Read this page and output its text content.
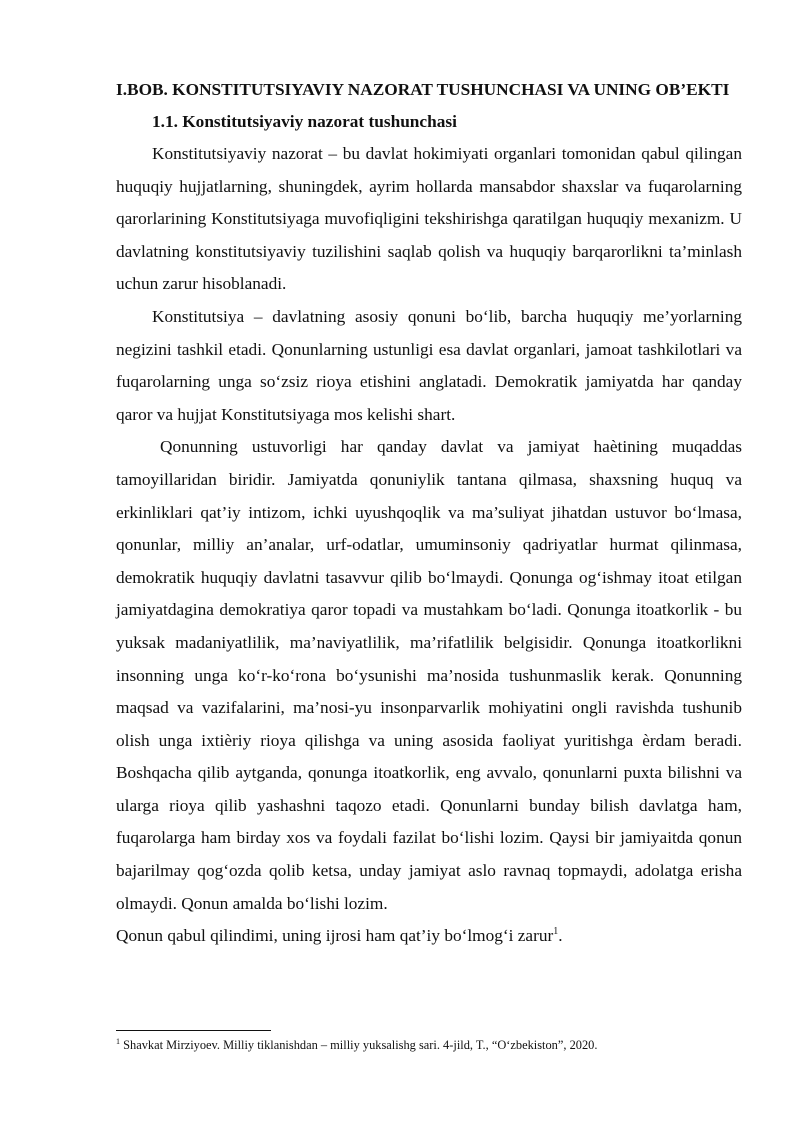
I.BOB. KONSTITUTSIYAVIY NAZORAT TUSHUNCHASI VA UNING OB’EKTI

1.1. Konstitutsiyaviy nazorat tushunchasi

Konstitutsiyaviy nazorat – bu davlat hokimiyati organlari tomonidan qabul qilingan huquqiy hujjatlarning, shuningdek, ayrim hollarda mansabdor shaxslar va fuqarolarning qarorlarining Konstitutsiyaga muvofiqligini tekshirishga qaratilgan huquqiy mexanizm. U davlatning konstitutsiyaviy tuzilishini saqlab qolish va huquqiy barqarorlikni ta’minlash uchun zarur hisoblanadi.

Konstitutsiya – davlatning asosiy qonuni bo‘lib, barcha huquqiy me’yorlarning negizini tashkil etadi. Qonunlarning ustunligi esa davlat organlari, jamoat tashkilotlari va fuqarolarning unga so‘zsiz rioya etishini anglatadi. Demokratik jamiyatda har qanday qaror va hujjat Konstitutsiyaga mos kelishi shart.

Qonunning ustuvorligi har qanday davlat va jamiyat haètining muqaddas tamoyillaridan biridir. Jamiyatda qonuniylik tantana qilmasa, shaxsning huquq va erkinliklari qat’iy intizom, ichki uyushqoqlik va ma’suliyat jihatdan ustuvor bo‘lmasa, qonunlar, milliy an’analar, urf-odatlar, umuminsoniy qadriyatlar hurmat qilinmasa, demokratik huquqiy davlatni tasavvur qilib bo‘lmaydi. Qonunga og‘ishmay itoat etilgan jamiyatdagina demokratiya qaror topadi va mustahkam bo‘ladi. Qonunga itoatkorlik - bu yuksak madaniyatlilik, ma’naviyatlilik, ma’rifatlilik belgisidir. Qonunga itoatkorlikni insonning unga ko‘r-ko‘rona bo‘ysunishi ma’nosida tushunmaslik kerak. Qonunning maqsad va vazifalarini, ma’nosi-yu insonparvarlik mohiyatini ongli ravishda tushunib olish unga ixtièriy rioya qilishga va uning asosida faoliyat yuritishga èrdam beradi. Boshqacha qilib aytganda, qonunga itoatkorlik, eng avvalo, qonunlarni puxta bilishni va ularga rioya qilib yashashni taqozo etadi. Qonunlarni bunday bilish davlatga ham, fuqarolarga ham birday xos va foydali fazilat bo‘lishi lozim. Qaysi bir jamiyaitda qonun bajarilmay qog‘ozda qolib ketsa, unday jamiyat aslo ravnaq topmaydi, adolatga erisha olmaydi. Qonun amalda bo‘lishi lozim.

Qonun qabul qilindimi, uning ijrosi ham qat’iy bo‘lmog‘i zarur$^1$.

$^1$ Shavkat Mirziyoev. Milliy tiklanishdan – milliy yuksalishg sari. 4-jild, T., “O‘zbekiston”, 2020.
